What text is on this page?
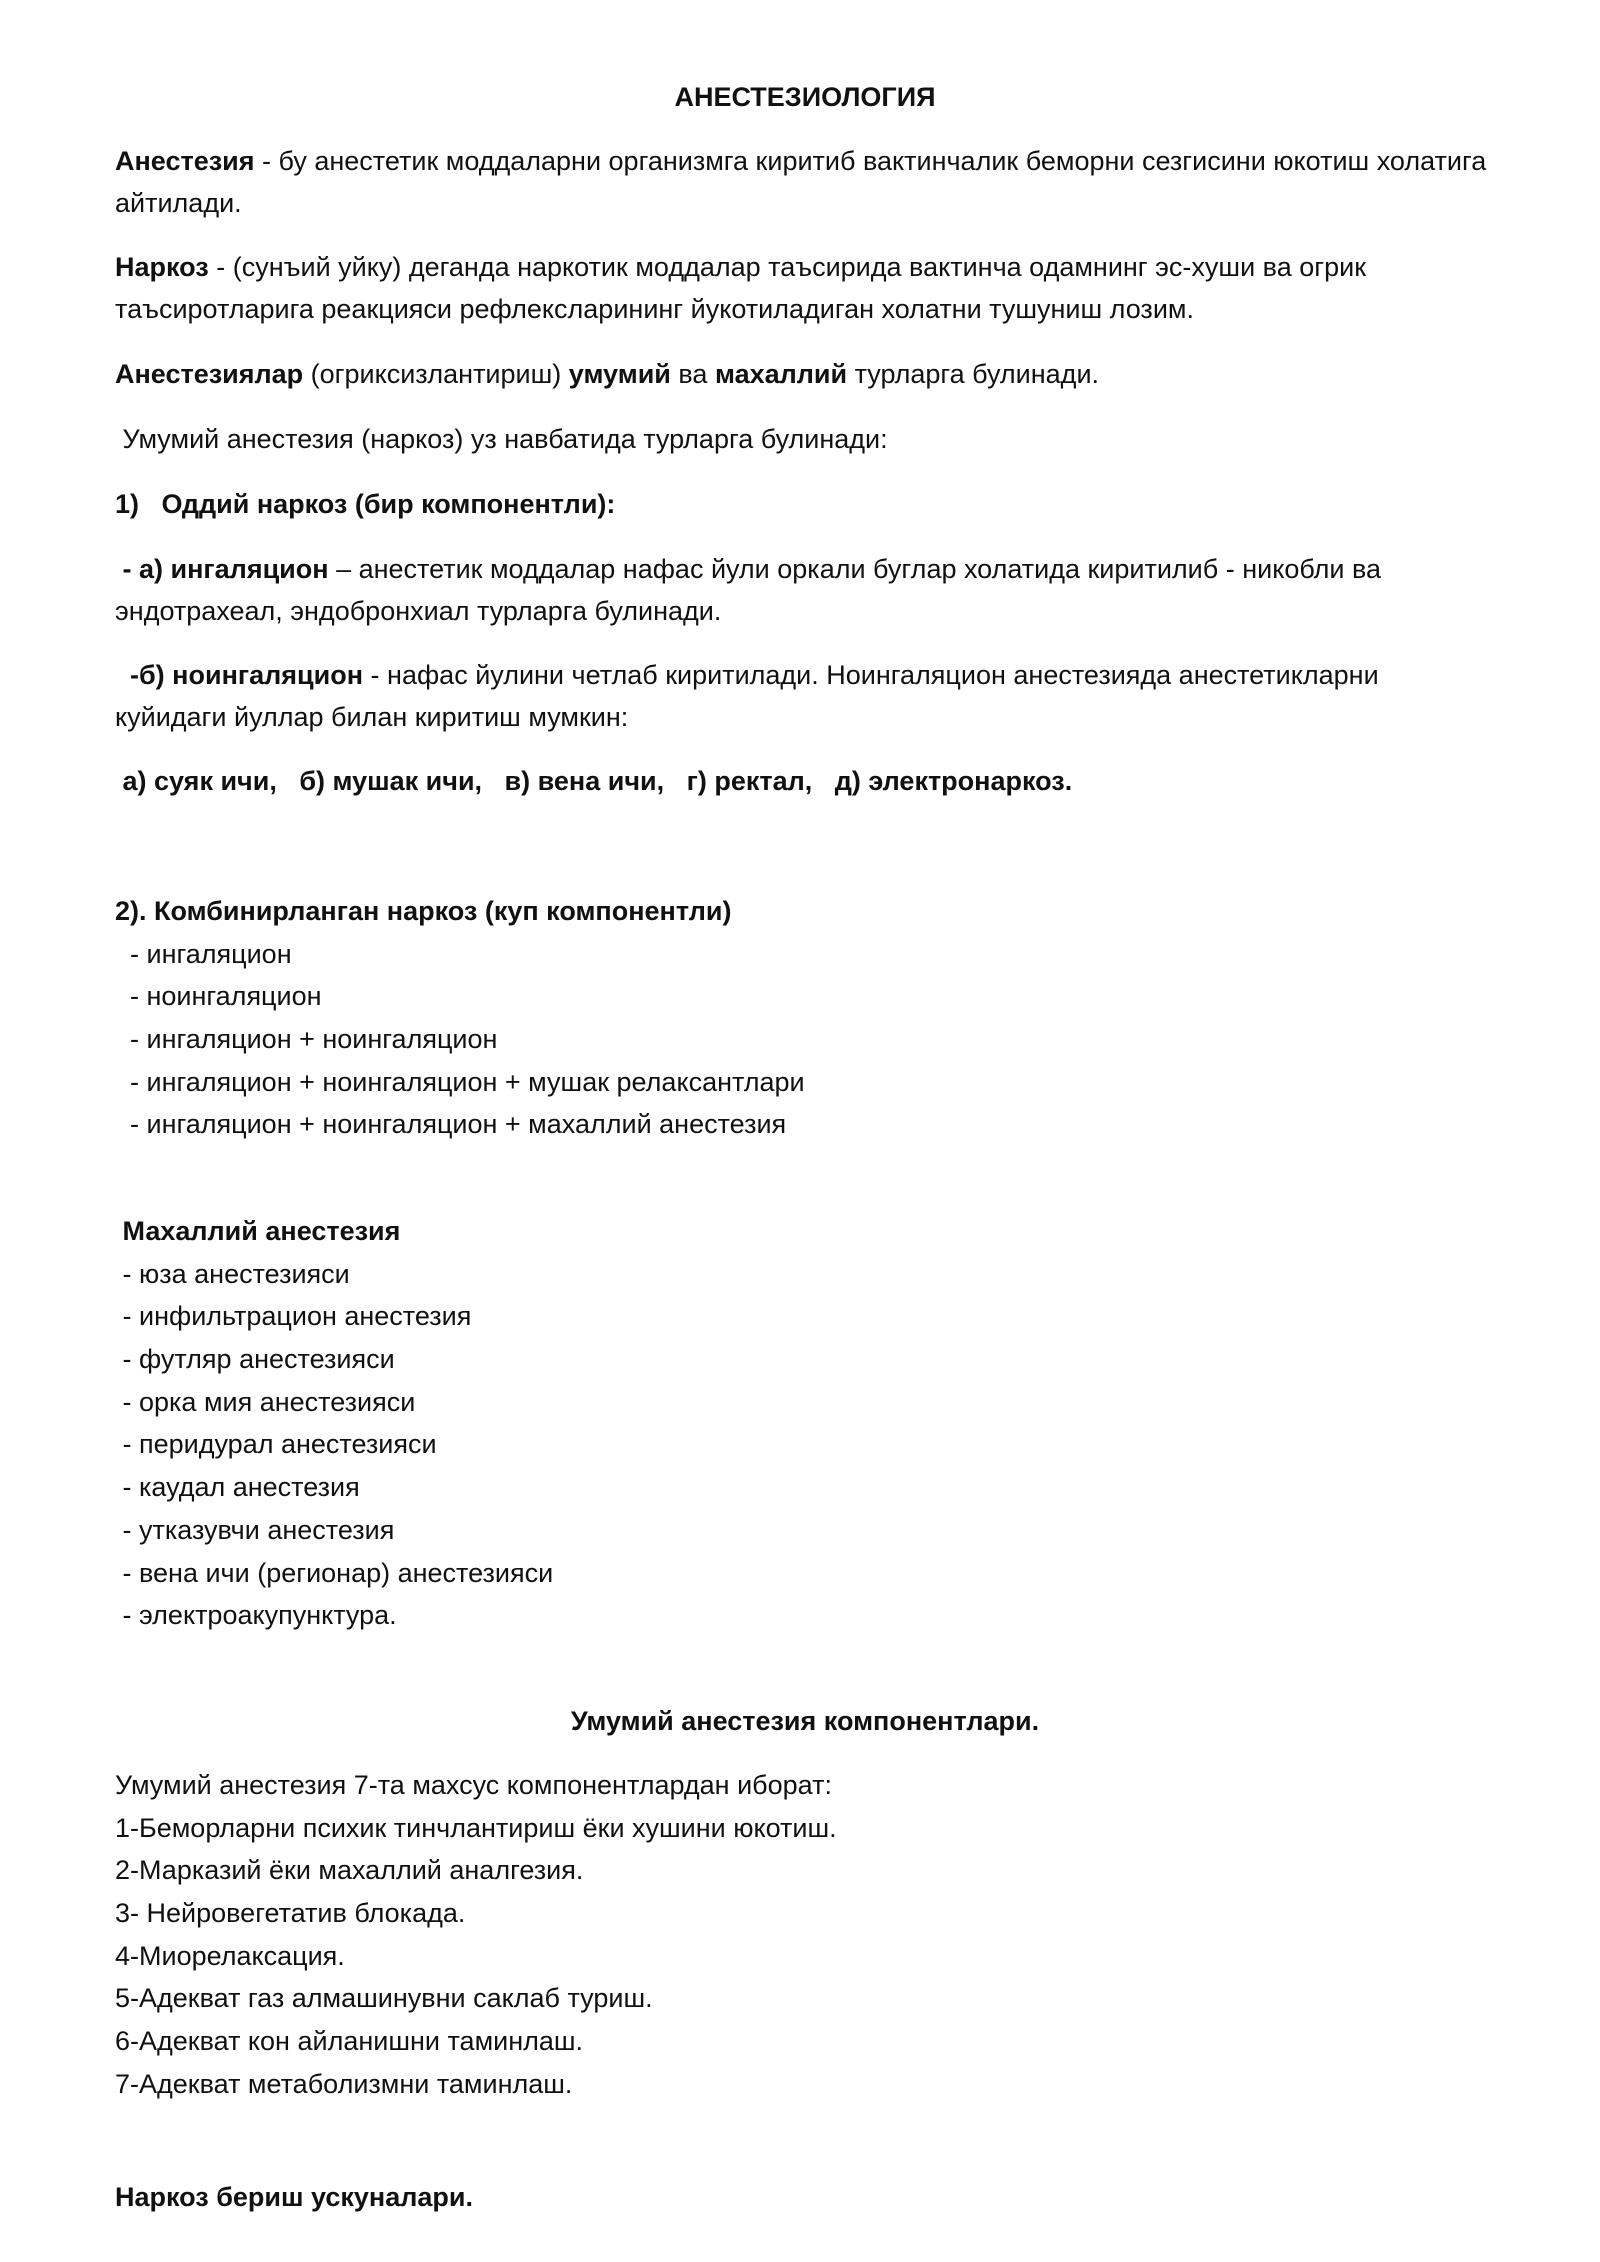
АНЕСТЕЗИОЛОГИЯ

Анестезия - бу анестетик моддаларни организмга киритиб вактинчалик беморни сезгисини юкотиш холатига айтилади.

Наркоз - (сунъий уйку) деганда наркотик моддалар таъсирида вактинча одамнинг эс-хуши ва огрик таъсиротларига реакцияси рефлексларининг йукотиладиган холатни тушуниш лозим.

Анестезиялар (огриксизлантириш) умумий ва махаллий турларга булинади.

Умумий анестезия (наркоз) уз навбатида турларга булинади:

1)   Оддий наркоз (бир компонентли):

- а) ингаляцион – анестетик моддалар нафас йули оркали буглар холатида киритилиб - никобли ва эндотрахеал, эндобронхиал турларга булинади.

-б) ноингаляцион - нафас йулини четлаб киритилади. Ноингаляцион анестезияда анестетикларни куйидаги йуллар билан киритиш мумкин:

а) суяк ичи,   б) мушак ичи,   в) вена ичи,   г) ректал,   д) электронаркоз.

2). Комбинирланган наркоз (куп компонентли)
- ингаляцион
- ноингаляцион
- ингаляцион + ноингаляцион
- ингаляцион + ноингаляцион + мушак релаксантлари
- ингаляцион + ноингаляцион + махаллий анестезия
Махаллий анестезия
- юза анестезияси
- инфильтрацион анестезия
- футляр анестезияси
- орка мия анестезияси
- перидурал анестезияси
- каудал анестезия
- утказувчи анестезия
- вена ичи (регионар) анестезияси
- электроакупунктура.
Умумий анестезия компонентлари.
Умумий анестезия 7-та махсус компонентлардан иборат:
1-Беморларни психик тинчлантириш ёки хушини юкотиш.
2-Марказий ёки махаллий аналгезия.
3- Нейровегетатив блокада.
4-Миорелаксация.
5-Адекват газ алмашинувни саклаб туриш.
6-Адекват кон айланишни таминлаш.
7-Адекват метаболизмни таминлаш.
Наркоз бериш ускуналари.
